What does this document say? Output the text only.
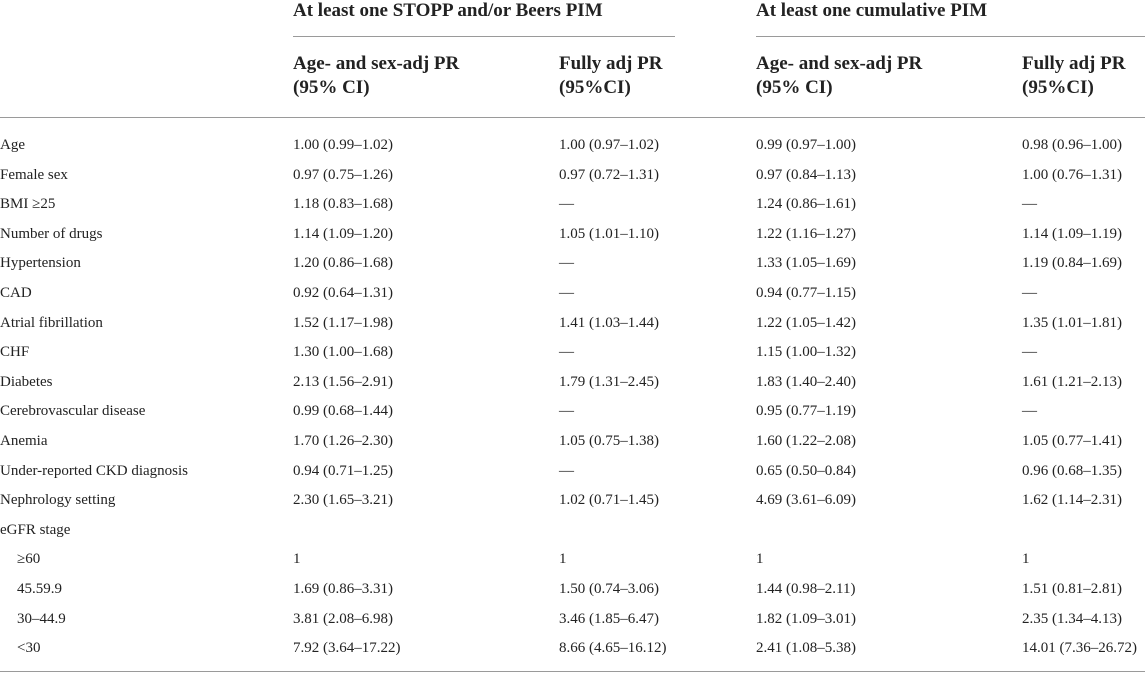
At least one STOPP and/or Beers PIM	At least one cumulative PIM
Age- and sex-adj PR
(95% CI)
Fully adj PR
(95%CI)
Age- and sex-adj PR
(95% CI)
Fully adj PR
(95%CI)
Age	1.00 (0.99–1.02)	1.00 (0.97–1.02)	0.99 (0.97–1.00)	0.98 (0.96–1.00)
Female sex	0.97 (0.75–1.26)	0.97 (0.72–1.31)	0.97 (0.84–1.13)	1.00 (0.76–1.31)
BMI ≥25	1.18 (0.83–1.68)	—	1.24 (0.86–1.61)	—
Number of drugs	1.14 (1.09–1.20)	1.05 (1.01–1.10)	1.22 (1.16–1.27)	1.14 (1.09–1.19)
Hypertension	1.20 (0.86–1.68)	—	1.33 (1.05–1.69)	1.19 (0.84–1.69)
CAD	0.92 (0.64–1.31)	—	0.94 (0.77–1.15)	—
Atrial fibrillation	1.52 (1.17–1.98)	1.41 (1.03–1.44)	1.22 (1.05–1.42)	1.35 (1.01–1.81)
CHF	1.30 (1.00–1.68)	—	1.15 (1.00–1.32)	—
Diabetes	2.13 (1.56–2.91)	1.79 (1.31–2.45)	1.83 (1.40–2.40)	1.61 (1.21–2.13)
Cerebrovascular disease	0.99 (0.68–1.44)	—	0.95 (0.77–1.19)	—
Anemia	1.70 (1.26–2.30)	1.05 (0.75–1.38)	1.60 (1.22–2.08)	1.05 (0.77–1.41)
Under-reported CKD diagnosis	0.94 (0.71–1.25)	—	0.65 (0.50–0.84)	0.96 (0.68–1.35)
Nephrology setting	2.30 (1.65–3.21)	1.02 (0.71–1.45)	4.69 (3.61–6.09)	1.62 (1.14–2.31)
eGFR stage
≥60	1	1	1	1
45.59.9	1.69 (0.86–3.31)	1.50 (0.74–3.06)	1.44 (0.98–2.11)	1.51 (0.81–2.81)
30–44.9	3.81 (2.08–6.98)	3.46 (1.85–6.47)	1.82 (1.09–3.01)	2.35 (1.34–4.13)
<30	7.92 (3.64–17.22)	8.66 (4.65–16.12)	2.41 (1.08–5.38)	14.01 (7.36–26.72)
